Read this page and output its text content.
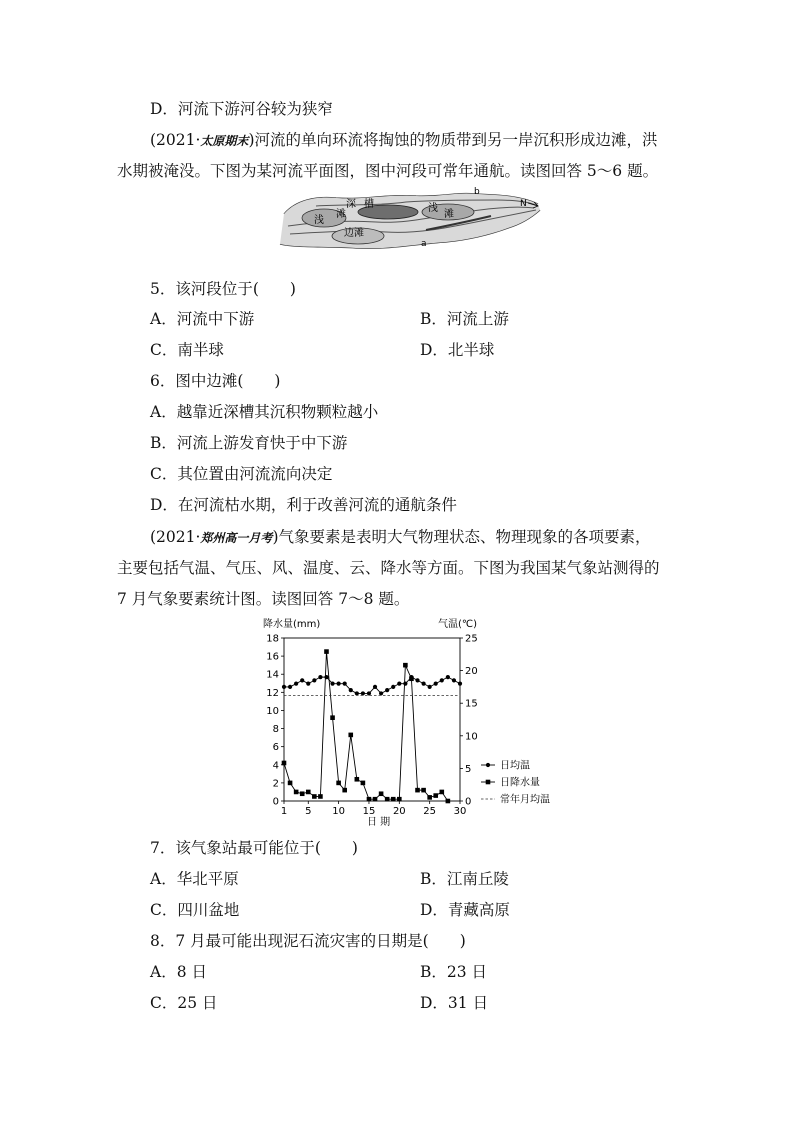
D．河流下游河谷较为狭窄
(2021·太原期末)河流的单向环流将掏蚀的物质带到另一岸沉积形成边滩，洪
水期被淹没。下图为某河流平面图，图中河段可常年通航。读图回答 5～6 题。
深 槽
浅
滩
边滩
浅
滩
a
b
N
5．该河段位于(　　)
A．河流中下游	B．河流上游
C．南半球	D．北半球
6．图中边滩(　　)
A．越靠近深槽其沉积物颗粒越小
B．河流上游发育快于中下游
C．其位置由河流流向决定
D．在河流枯水期，利于改善河流的通航条件
(2021·郑州高一月考)气象要素是表明大气物理状态、物理现象的各项要素，
主要包括气温、气压、风、温度、云、降水等方面。下图为我国某气象站测得的
7 月气象要素统计图。读图回答 7～8 题。
降水量(mm)	气温(℃)
日 期
0
2
4
6
8
10
12
14
16
18
0
5
10
15
20
25
1 5 10 15 20 25 30
日均温
日降水量
常年月均温
7．该气象站最可能位于(　　)
A．华北平原	B．江南丘陵
C．四川盆地	D．青藏高原
8．7 月最可能出现泥石流灾害的日期是(　　)
A．8 日	B．23 日
C．25 日	D．31 日
